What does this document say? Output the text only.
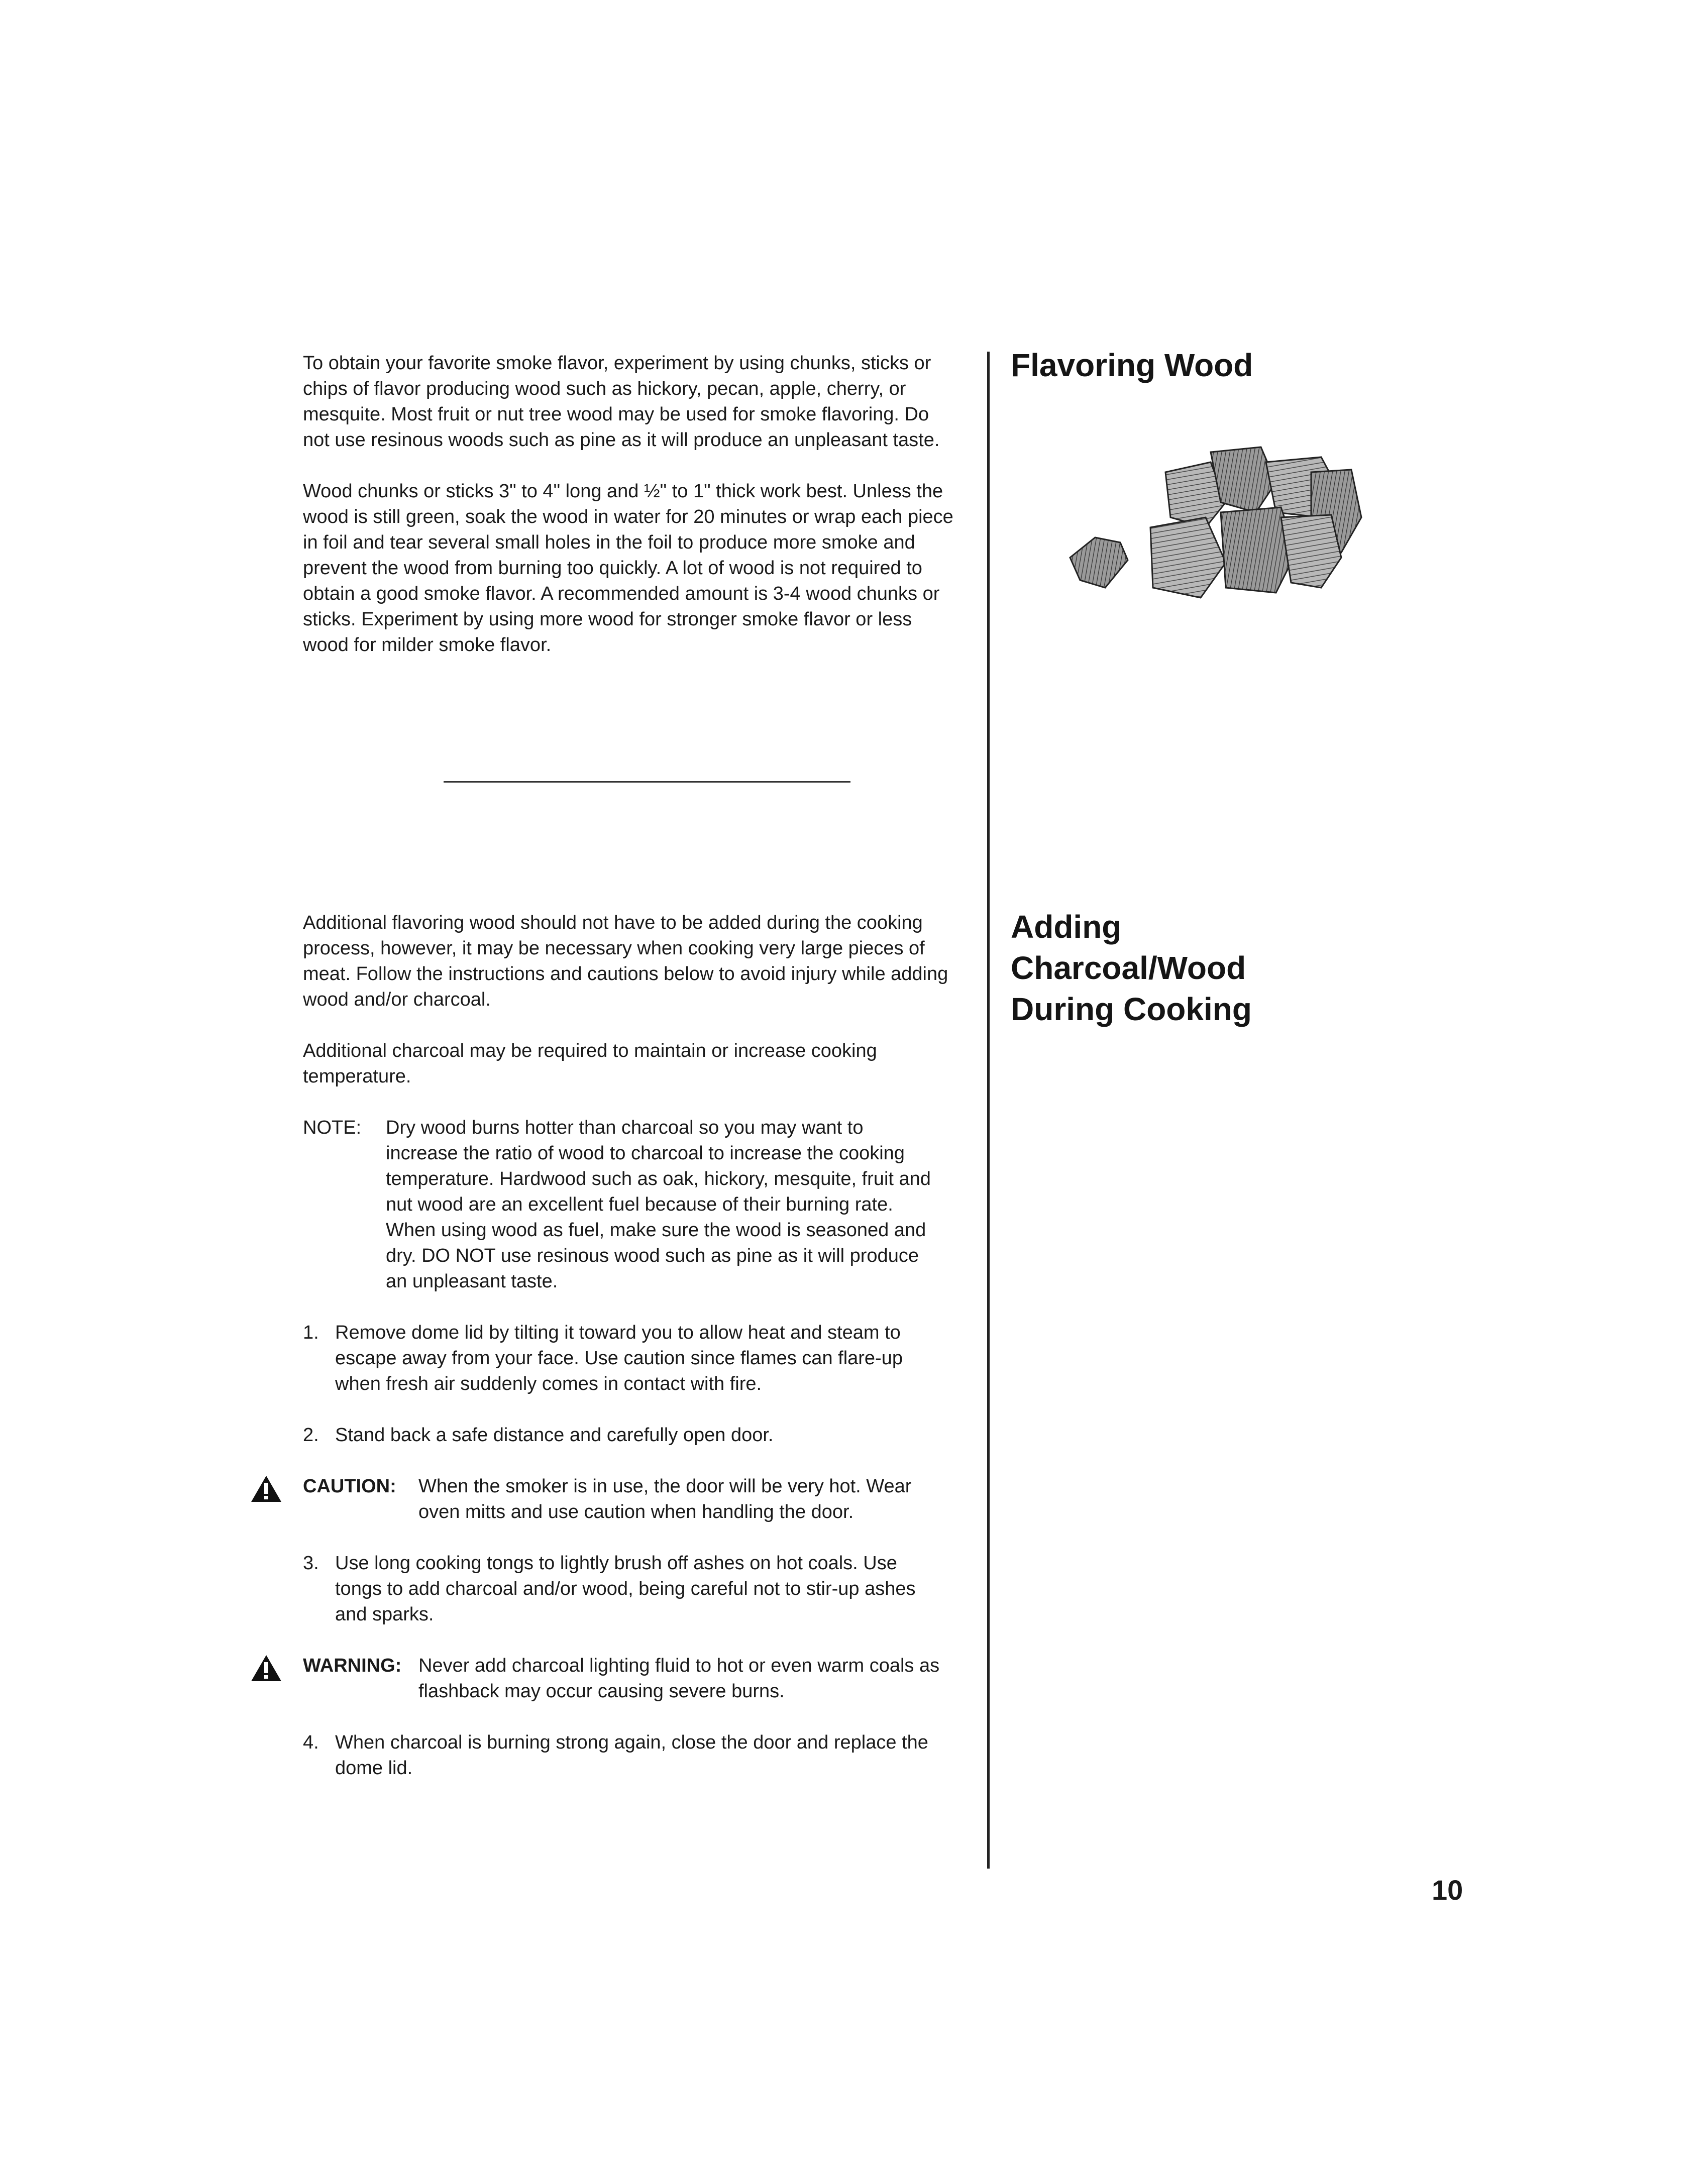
To obtain your favorite smoke flavor, experiment by using chunks, sticks or chips of flavor producing wood such as hickory, pecan, apple, cherry, or mesquite. Most fruit or nut tree wood may be used for smoke flavoring. Do not use resinous woods such as pine as it will produce an unpleasant taste.

Wood chunks or sticks 3" to 4" long and ½" to 1" thick work best. Unless the wood is still green, soak the wood in water for 20 minutes or wrap each piece in foil and tear several small holes in the foil to produce more smoke and prevent the wood from burning too quickly. A lot of wood is not required to obtain a good smoke flavor. A recommended amount is 3-4 wood chunks or sticks. Experiment by using more wood for stronger smoke flavor or less wood for milder smoke flavor.

Flavoring Wood
Adding
Charcoal/Wood
During Cooking

Additional flavoring wood should not have to be added during the cooking process, however, it may be necessary when cooking very large pieces of meat. Follow the instructions and cautions below to avoid injury while adding wood and/or charcoal.

Additional charcoal may be required to maintain or increase cooking temperature.

NOTE:	Dry wood burns hotter than charcoal so you may want to increase the ratio of wood to charcoal to increase the cooking temperature. Hardwood such as oak, hickory, mesquite, fruit and nut wood are an excellent fuel because of their burning rate. When using wood as fuel, make sure the wood is seasoned and dry. DO NOT use resinous wood such as pine as it will produce an unpleasant taste.
1. Remove dome lid by tilting it toward you to allow heat and steam to escape away from your face. Use caution since flames can flare-up when fresh air suddenly comes in contact with fire.
2. Stand back a safe distance and carefully open door.
CAUTION:	When the smoker is in use, the door will be very hot. Wear oven mitts and use caution when handling the door.
3. Use long cooking tongs to lightly brush off ashes on hot coals. Use tongs to add charcoal and/or wood, being careful not to stir-up ashes and sparks.
WARNING: Never add charcoal lighting fluid to hot or even warm coals as flashback may occur causing severe burns.
4. When charcoal is burning strong again, close the door and replace the dome lid.
10
